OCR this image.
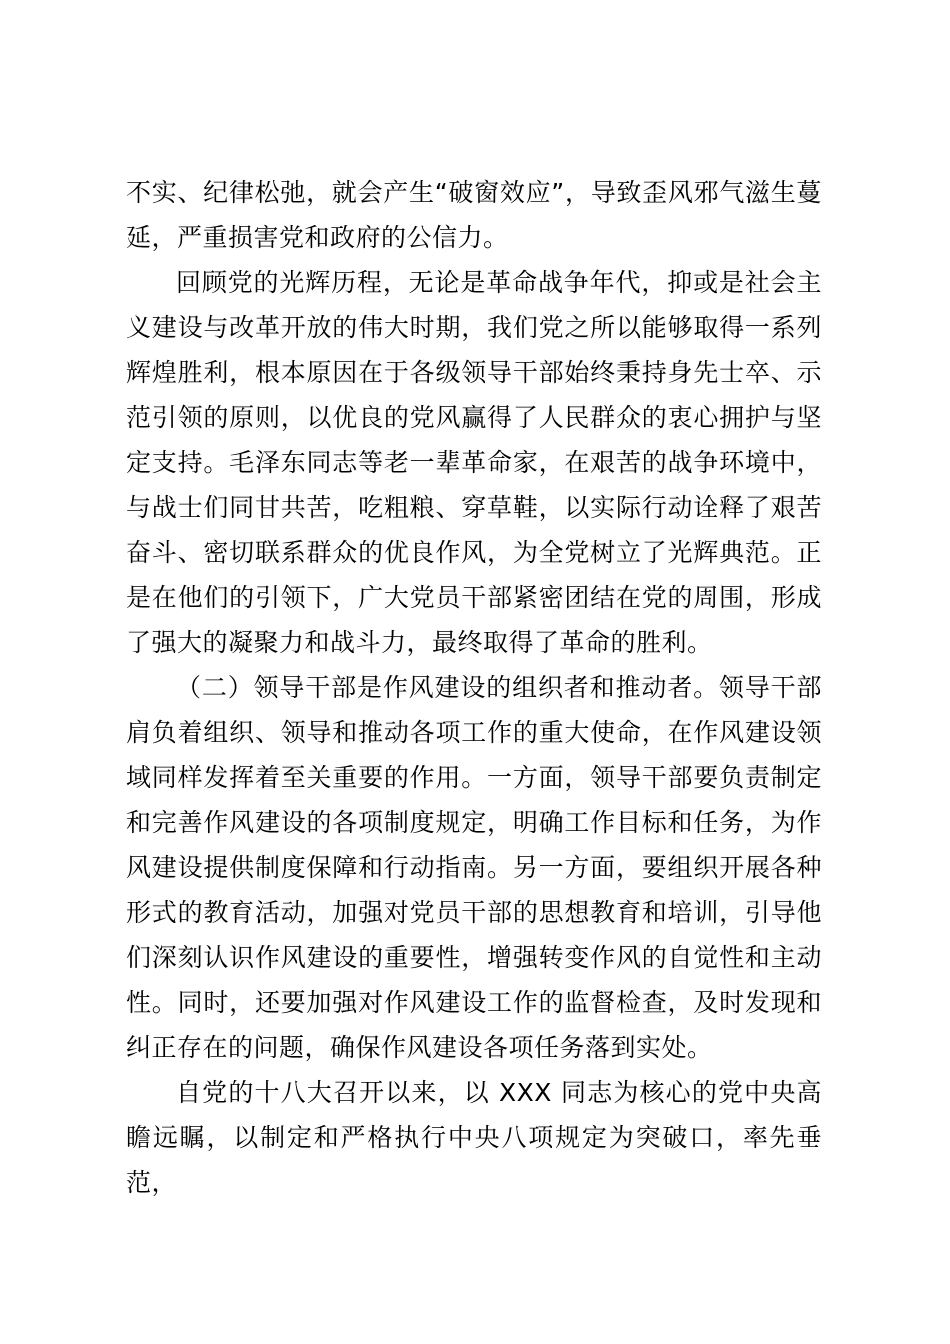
不实、纪律松弛，就会产生“破窗效应”，导致歪风邪气滋生蔓延，严重损害党和政府的公信力。

回顾党的光辉历程，无论是革命战争年代，抑或是社会主义建设与改革开放的伟大时期，我们党之所以能够取得一系列辉煌胜利，根本原因在于各级领导干部始终秉持身先士卒、示范引领的原则，以优良的党风赢得了人民群众的衷心拥护与坚定支持。毛泽东同志等老一辈革命家，在艰苦的战争环境中，与战士们同甘共苦，吃粗粮、穿草鞋，以实际行动诠释了艰苦奋斗、密切联系群众的优良作风，为全党树立了光辉典范。正是在他们的引领下，广大党员干部紧密团结在党的周围，形成了强大的凝聚力和战斗力，最终取得了革命的胜利。

（二）领导干部是作风建设的组织者和推动者。领导干部肩负着组织、领导和推动各项工作的重大使命，在作风建设领域同样发挥着至关重要的作用。一方面，领导干部要负责制定和完善作风建设的各项制度规定，明确工作目标和任务，为作风建设提供制度保障和行动指南。另一方面，要组织开展各种形式的教育活动，加强对党员干部的思想教育和培训，引导他们深刻认识作风建设的重要性，增强转变作风的自觉性和主动性。同时，还要加强对作风建设工作的监督检查，及时发现和纠正存在的问题，确保作风建设各项任务落到实处。

自党的十八大召开以来，以 XXX 同志为核心的党中央高瞻远瞩，以制定和严格执行中央八项规定为突破口，率先垂范，
